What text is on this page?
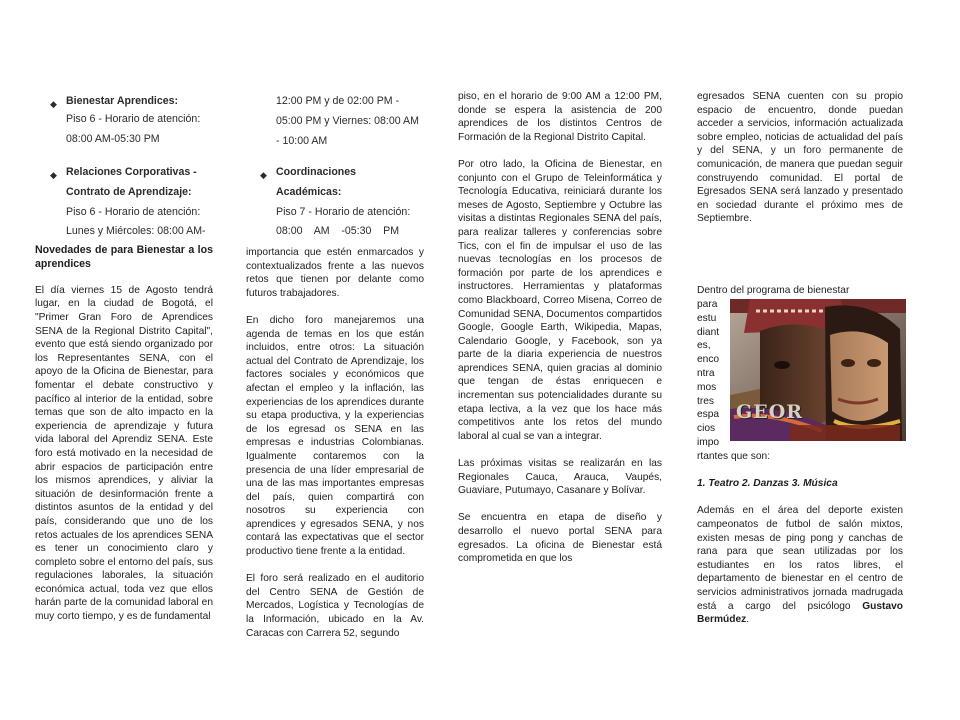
◆ Bienestar Aprendices:
Piso 6 - Horario de atención:
08:00 AM-05:30 PM
◆ Relaciones Corporativas -
Contrato de Aprendizaje:
Piso 6 - Horario de atención:
Lunes y Miércoles: 08:00 AM-
12:00 PM y de 02:00 PM -
05:00 PM y Viernes: 08:00 AM
- 10:00 AM
◆ Coordinaciones
Académicas:
Piso 7 - Horario de atención:
08:00    AM    -05:30    PM
Novedades de para Bienestar a los aprendices

El día viernes 15 de Agosto tendrá lugar, en la ciudad de Bogotá, el "Primer Gran Foro de Aprendices SENA de la Regional Distrito Capital", evento que está siendo organizado por los Representantes SENA, con el apoyo de la Oficina de Bienestar, para fomentar el debate constructivo y pacífico al interior de la entidad, sobre temas que son de alto impacto en la experiencia de aprendizaje y futura vida laboral del Aprendiz SENA. Este foro está motivado en la necesidad de abrir espacios de participación entre los mismos aprendices, y aliviar la situación de desinformación frente a distintos asuntos de la entidad y del país, considerando que uno de los retos actuales de los aprendices SENA es tener un conocimiento claro y completo sobre el entorno del país, sus regulaciones laborales, la situación económica actual, toda vez que ellos harán parte de la comunidad laboral en muy corto tiempo, y es de fundamental

importancia que estén enmarcados y contextualizados frente a las nuevos retos que tienen por delante como futuros trabajadores.

En dicho foro manejaremos una agenda de temas en los que están incluidos, entre otros: La situación actual del Contrato de Aprendizaje, los factores sociales y económicos que afectan el empleo y la inflación, las experiencias de los aprendices durante su etapa productiva, y la experiencias de los egresad os SENA en las empresas e industrias Colombianas. Igualmente contaremos con la presencia de una líder empresarial de una de las mas importantes empresas del país, quien compartirá con nosotros su experiencia con aprendices y egresados SENA, y nos contará las expectativas que el sector productivo tiene frente a la entidad.

El foro será realizado en el auditorio del Centro SENA de Gestión de Mercados, Logística y Tecnologías de la Información, ubicado en la Av. Caracas con Carrera 52, segundo

piso, en el horario de 9:00 AM a 12:00 PM, donde se espera la asistencia de 200 aprendices de los distintos Centros de Formación de la Regional Distrito Capital.

Por otro lado, la Oficina de Bienestar, en conjunto con el Grupo de Teleinformática y Tecnología Educativa, reiniciará durante los meses de Agosto, Septiembre y Octubre las visitas a distintas Regionales SENA del país, para realizar talleres y conferencias sobre Tics, con el fin de impulsar el uso de las nuevas tecnologías en los procesos de formación por parte de los aprendices e instructores. Herramientas y plataformas como Blackboard, Correo Misena, Correo de Comunidad SENA, Documentos compartidos Google, Google Earth, Wikipedia, Mapas, Calendario Google, y Facebook, son ya parte de la diaria experiencia de nuestros aprendices SENA, quien gracias al dominio que tengan de éstas enriquecen e incrementan sus potencialidades durante su etapa lectiva, a la vez que los hace más competitivos ante los retos del mundo laboral al cual se van a integrar.

Las próximas visitas se realizarán en las Regionales Cauca, Arauca, Vaupés, Guaviare, Putumayo, Casanare y Bolívar.

Se encuentra en etapa de diseño y desarrollo el nuevo portal SENA para egresados. La oficina de Bienestar está comprometida en que los

egresados SENA cuenten con su propio espacio de encuentro, donde puedan acceder a servicios, información actualizada sobre empleo, noticias de actualidad del país y del SENA, y un foro permanente de comunicación, de manera que puedan seguir construyendo comunidad. El portal de Egresados SENA será lanzado y presentado en sociedad durante el próximo mes de Septiembre.

Dentro del programa de bienestar
para
estu
diant
es,
enco
ntra
mos
tres
espa
cios
impo
GEOR

rtantes que son:

1. Teatro 2. Danzas 3. Música

Además en el área del deporte existen campeonatos de futbol de salón mixtos, existen mesas de ping pong y canchas de rana para que sean utilizadas por los estudiantes en los ratos libres, el departamento de bienestar en el centro de servicios administrativos jornada madrugada está a cargo del psicólogo Gustavo Bermúdez.
